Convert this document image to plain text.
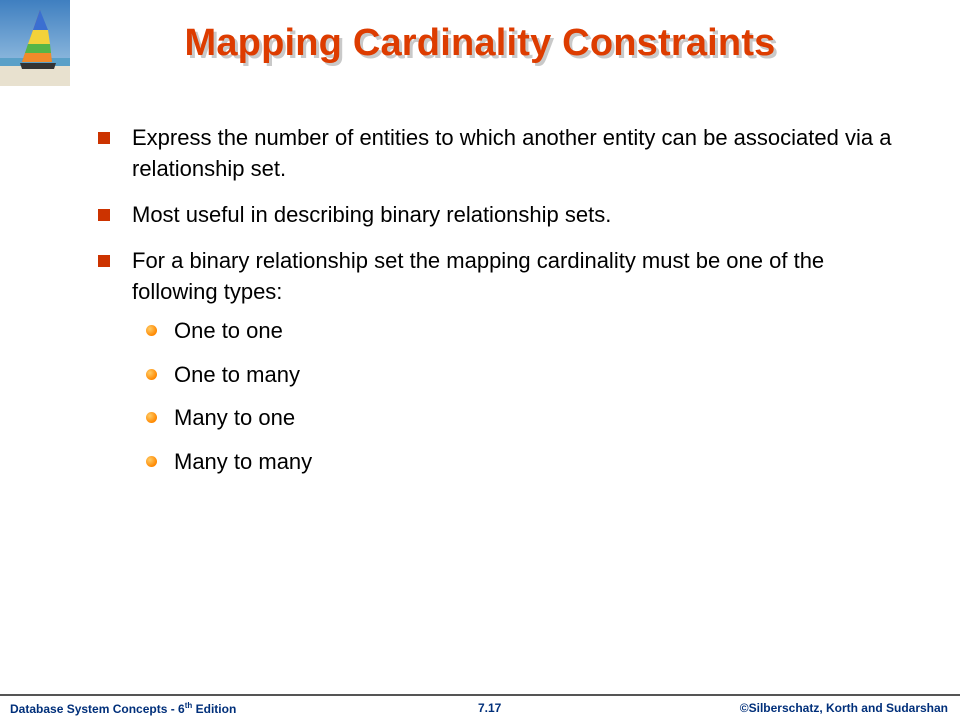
Mapping Cardinality Constraints
Express the number of entities to which another entity can be associated via a relationship set.
Most useful in describing binary relationship sets.
For a binary relationship set the mapping cardinality must be one of the following types:
One to one
One to many
Many to one
Many to many
Database System Concepts - 6th Edition	7.17	©Silberschatz, Korth and Sudarshan
